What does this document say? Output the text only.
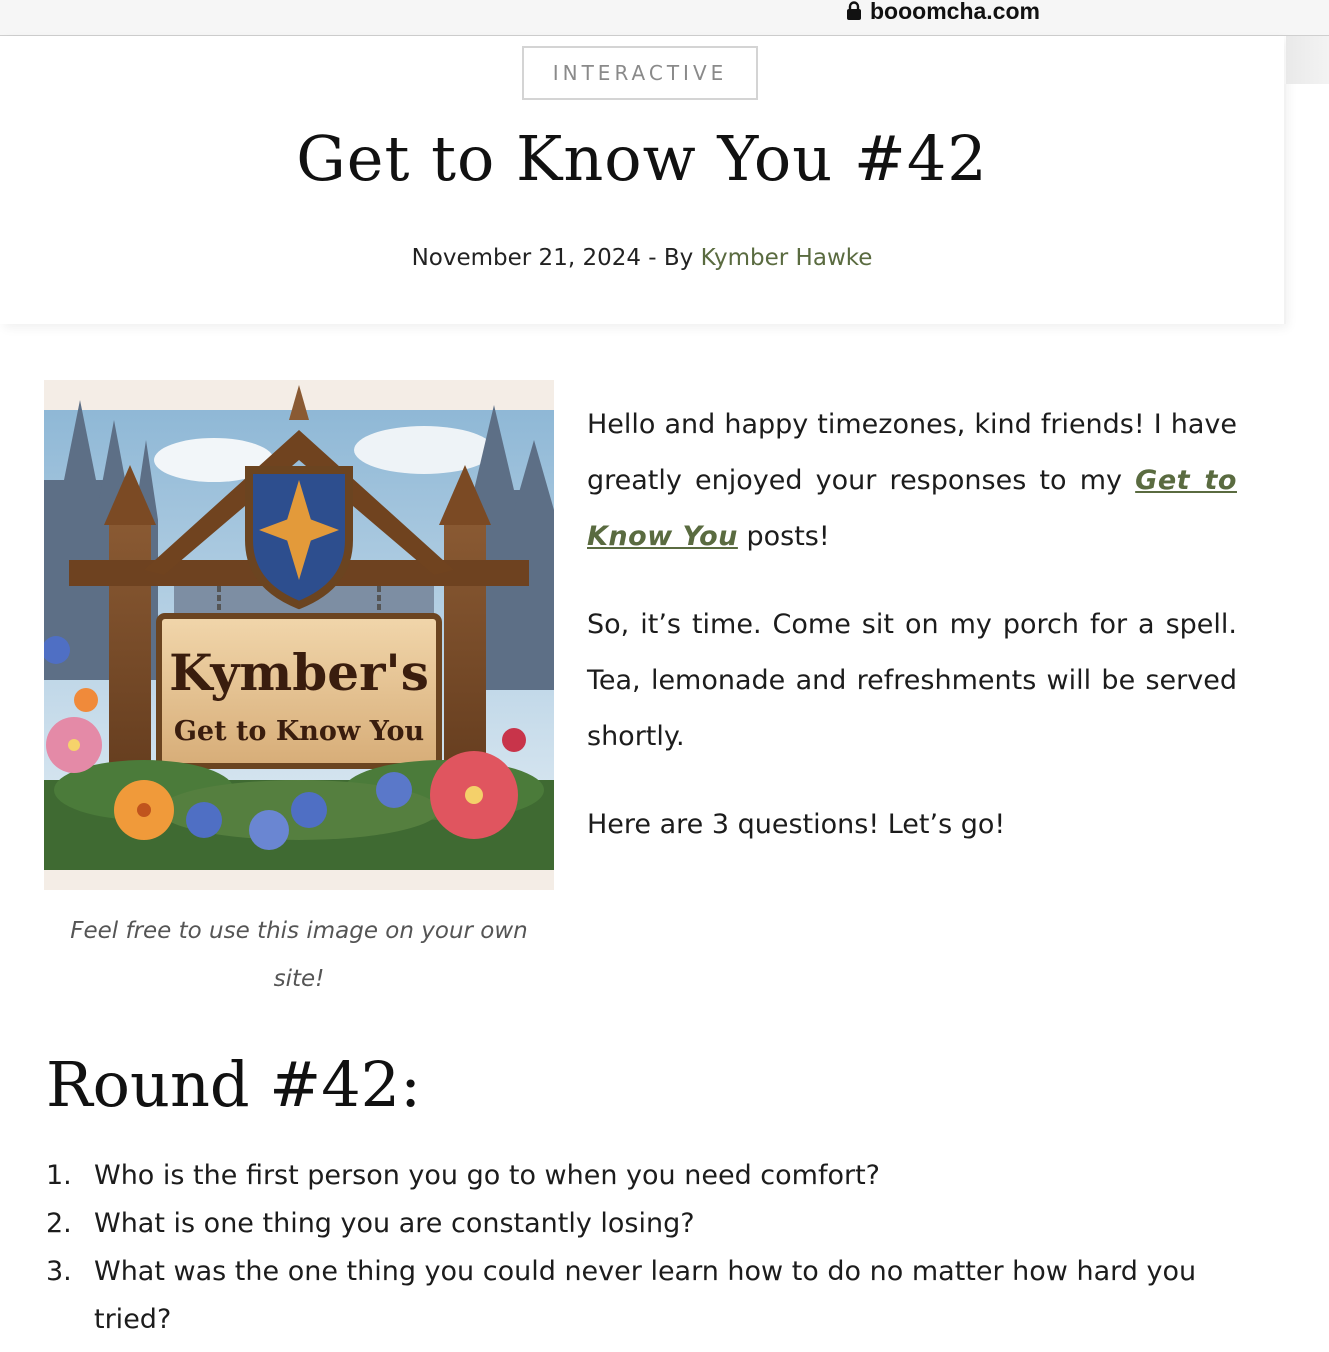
booomcha.com
INTERACTIVE
Get to Know You #42
November 21, 2024 - By Kymber Hawke
Kymber's
Get to Know You
Feel free to use this image on your own site!

Hello and happy timezones, kind friends! I have greatly enjoyed your responses to my Get to Know You posts!

So, it’s time. Come sit on my porch for a spell. Tea, lemonade and refreshments will be served shortly.

Here are 3 questions! Let’s go!

Round #42:
1. Who is the first person you go to when you need comfort?
2. What is one thing you are constantly losing?
3. What was the one thing you could never learn how to do no matter how hard you tried?
